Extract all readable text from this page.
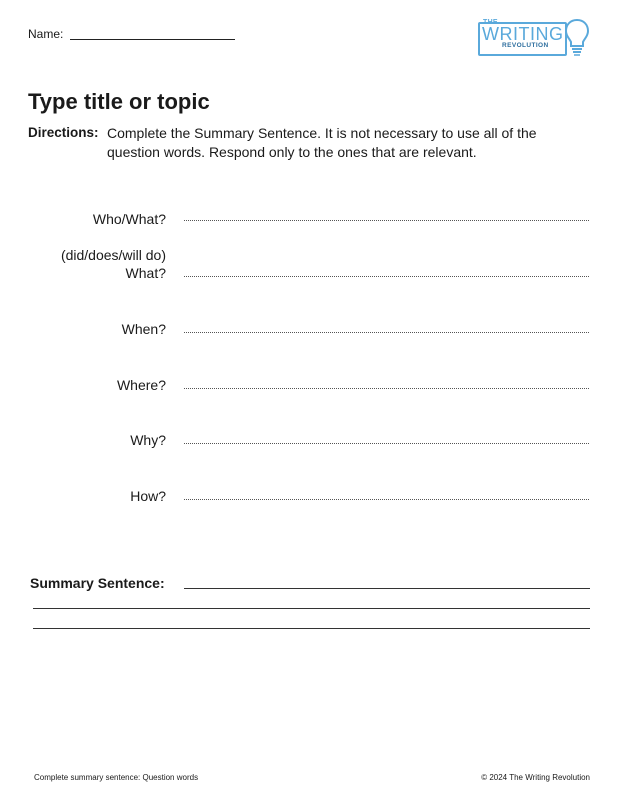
Name:
THE
WRITING
REVOLUTION
Type title or topic
Directions: Complete the Summary Sentence. It is not necessary to use all of the question words. Respond only to the ones that are relevant.
Who/What?
(did/does/will do)
What?
When?
Where?
Why?
How?
Summary Sentence:
Complete summary sentence: Question words	© 2024 The Writing Revolution
